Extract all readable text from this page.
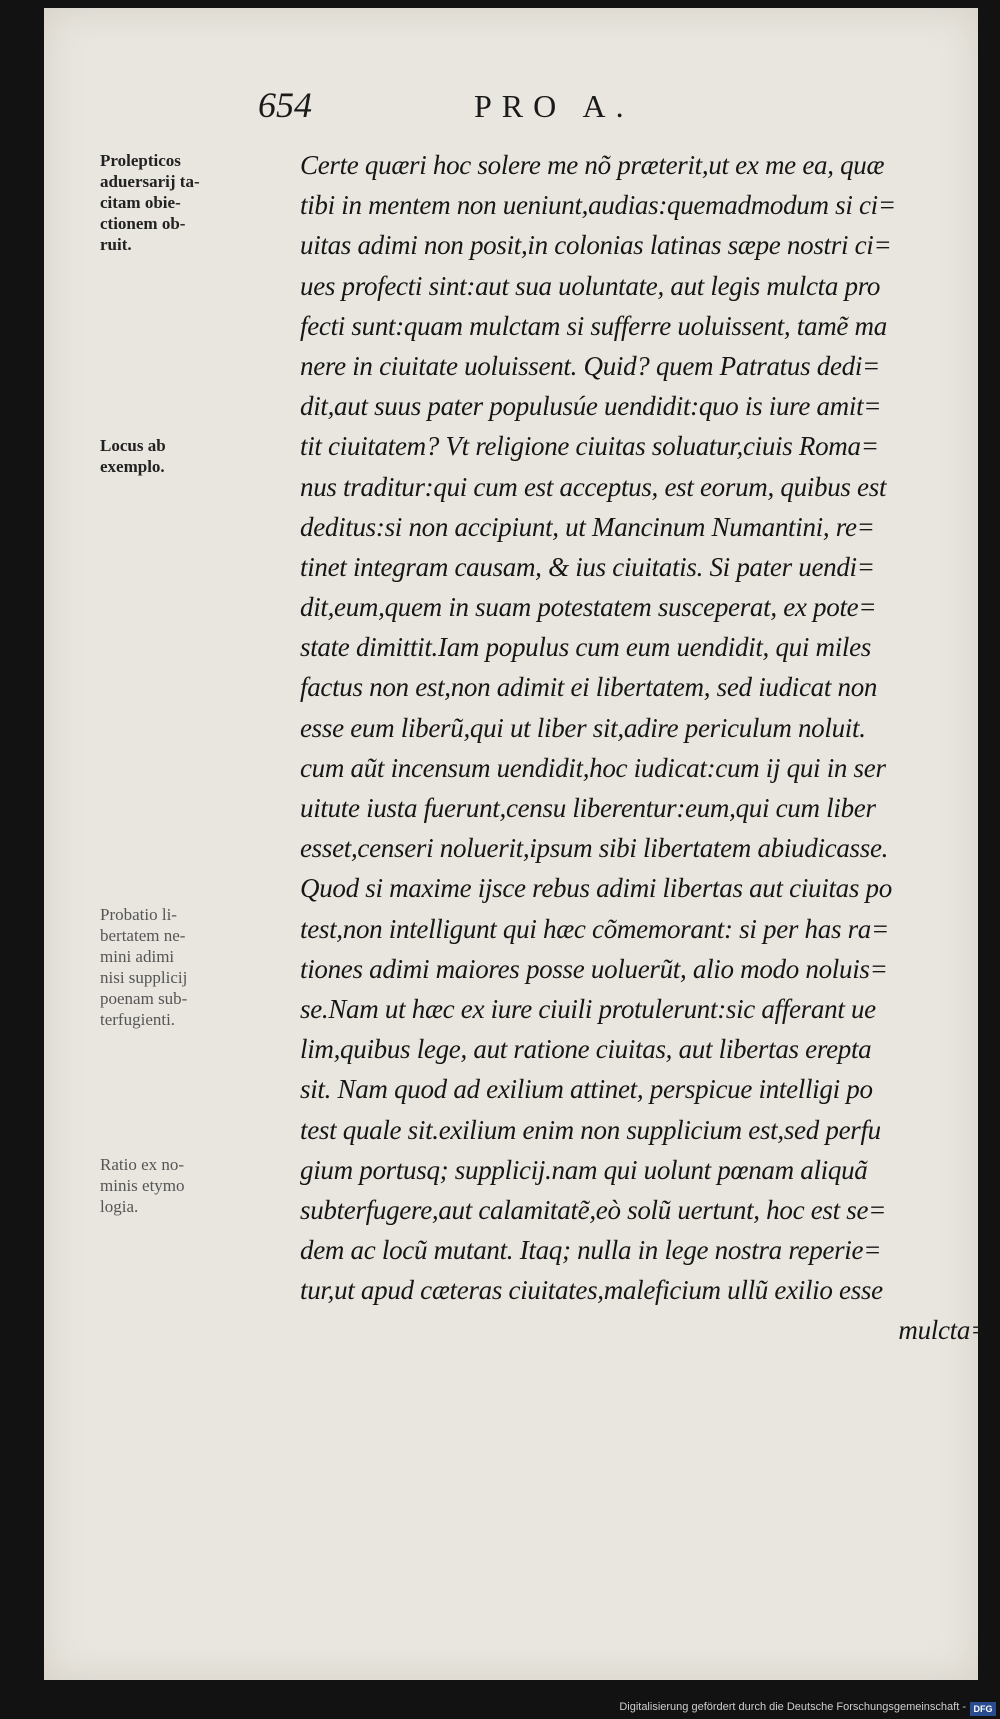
654	PRO A.
Prolepticos
aduersarij ta-
citam obie-
ctionem ob-
ruit.
Locus ab
exemplo.
Probatio li-
bertatem ne-
mini adimi
nisi supplicij
poenam sub-
terfugienti.
Ratio ex no-
minis etymo
logia.
Certe quæri hoc solere me nõ præterit,ut ex me ea, quæ
tibi in mentem non ueniunt,audias:quemadmodum si ci=
uitas adimi non posit,in colonias latinas sæpe nostri ci=
ues profecti sint:aut sua uoluntate, aut legis mulcta pro
fecti sunt:quam mulctam si sufferre uoluissent, tamẽ ma
nere in ciuitate uoluissent. Quid? quem Patratus dedi=
dit,aut suus pater populusúe uendidit:quo is iure amit=
tit ciuitatem? Vt religione ciuitas soluatur,ciuis Roma=
nus traditur:qui cum est acceptus, est eorum, quibus est
deditus:si non accipiunt, ut Mancinum Numantini, re=
tinet integram causam, & ius ciuitatis. Si pater uendi=
dit,eum,quem in suam potestatem susceperat, ex pote=
state dimittit.Iam populus cum eum uendidit, qui miles
factus non est,non adimit ei libertatem, sed iudicat non
esse eum liberũ,qui ut liber sit,adire periculum noluit.
cum aũt incensum uendidit,hoc iudicat:cum ij qui in ser
uitute iusta fuerunt,censu liberentur:eum,qui cum liber
esset,censeri noluerit,ipsum sibi libertatem abiudicasse.
Quod si maxime ijsce rebus adimi libertas aut ciuitas po
test,non intelligunt qui hæc cõmemorant: si per has ra=
tiones adimi maiores posse uoluerũt, alio modo noluis=
se.Nam ut hæc ex iure ciuili protulerunt:sic afferant ue
lim,quibus lege, aut ratione ciuitas, aut libertas erepta
sit. Nam quod ad exilium attinet, perspicue intelligi po
test quale sit.exilium enim non supplicium est,sed perfu
gium portusq; supplicij.nam qui uolunt pœnam aliquã
subterfugere,aut calamitatẽ,eò solũ uertunt, hoc est se=
dem ac locũ mutant. Itaq; nulla in lege nostra reperie=
tur,ut apud cæteras ciuitates,maleficium ullũ exilio esse
mulcta=
Digitalisierung gefördert durch die Deutsche Forschungsgemeinschaft - DFG
